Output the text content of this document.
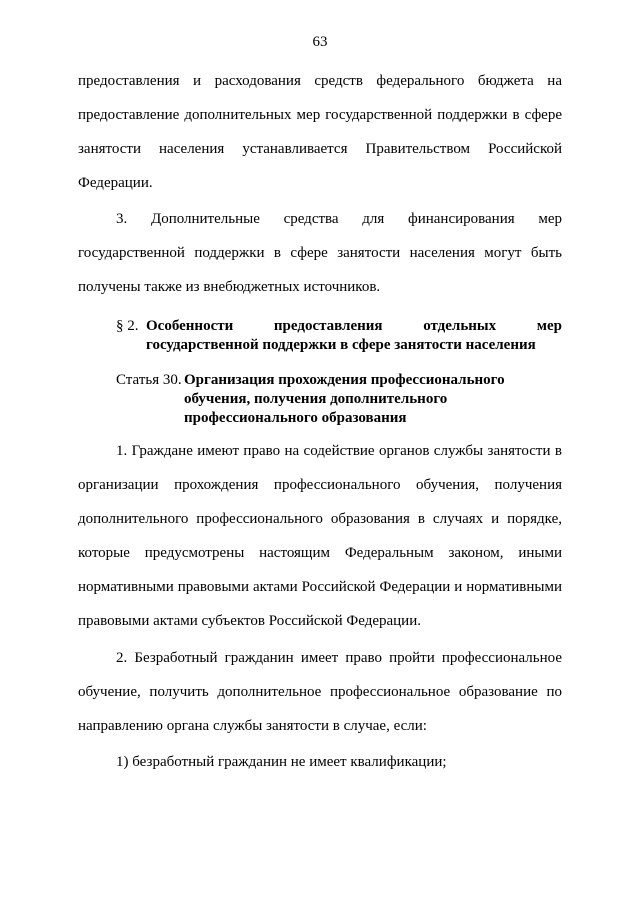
63
предоставления и расходования средств федерального бюджета на
предоставление дополнительных мер государственной поддержки в сфере
занятости населения устанавливается Правительством Российской
Федерации.
3. Дополнительные средства для финансирования мер
государственной поддержки в сфере занятости населения могут быть
получены также из внебюджетных источников.
§ 2. Особенности предоставления отдельных мер
государственной поддержки в сфере занятости населения
Статья 30. Организация прохождения профессионального
обучения, получения дополнительного
профессионального образования
1. Граждане имеют право на содействие органов службы занятости в
организации прохождения профессионального обучения, получения
дополнительного профессионального образования в случаях и порядке,
которые предусмотрены настоящим Федеральным законом, иными
нормативными правовыми актами Российской Федерации и нормативными
правовыми актами субъектов Российской Федерации.
2. Безработный гражданин имеет право пройти профессиональное
обучение, получить дополнительное профессиональное образование по
направлению органа службы занятости в случае, если:
1) безработный гражданин не имеет квалификации;
